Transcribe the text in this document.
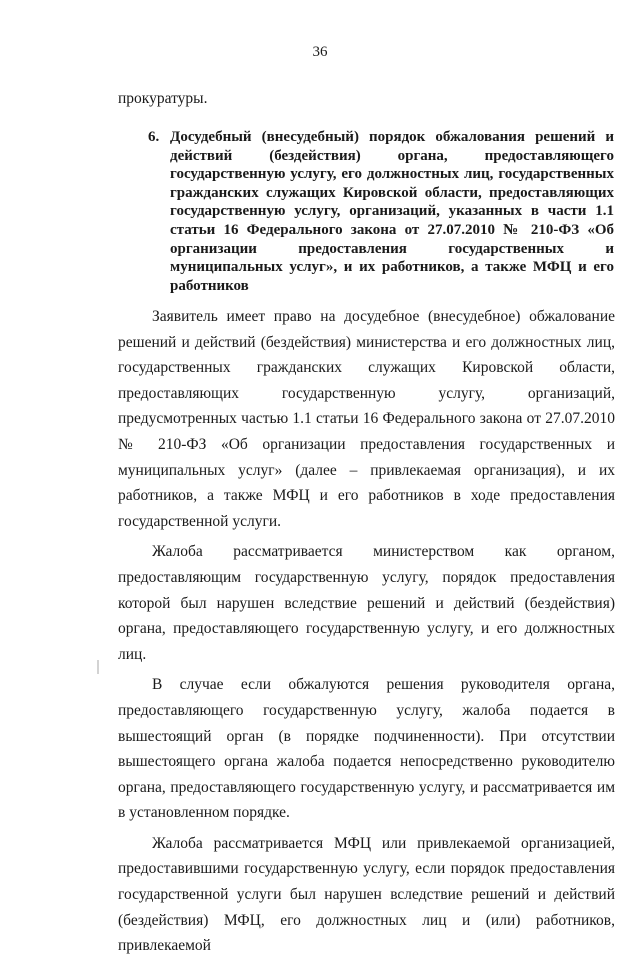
36
прокуратуры.
6. Досудебный (внесудебный) порядок обжалования решений и действий (бездействия) органа, предоставляющего государственную услугу, его должностных лиц, государственных гражданских служащих Кировской области, предоставляющих государственную услугу, организаций, указанных в части 1.1 статьи 16 Федерального закона от 27.07.2010 № 210-ФЗ «Об организации предоставления государственных и муниципальных услуг», и их работников, а также МФЦ и его работников

Заявитель имеет право на досудебное (внесудебное) обжалование решений и действий (бездействия) министерства и его должностных лиц, государственных гражданских служащих Кировской области, предоставляющих государственную услугу, организаций, предусмотренных частью 1.1 статьи 16 Федерального закона от 27.07.2010 № 210-ФЗ «Об организации предоставления государственных и муниципальных услуг» (далее – привлекаемая организация), и их работников, а также МФЦ и его работников в ходе предоставления государственной услуги.

Жалоба рассматривается министерством как органом, предоставляющим государственную услугу, порядок предоставления которой был нарушен вследствие решений и действий (бездействия) органа, предоставляющего государственную услугу, и его должностных лиц.

В случае если обжалуются решения руководителя органа, предоставляющего государственную услугу, жалоба подается в вышестоящий орган (в порядке подчиненности). При отсутствии вышестоящего органа жалоба подается непосредственно руководителю органа, предоставляющего государственную услугу, и рассматривается им в установленном порядке.

Жалоба рассматривается МФЦ или привлекаемой организацией, предоставившими государственную услугу, если порядок предоставления государственной услуги был нарушен вследствие решений и действий (бездействия) МФЦ, его должностных лиц и (или) работников, привлекаемой
